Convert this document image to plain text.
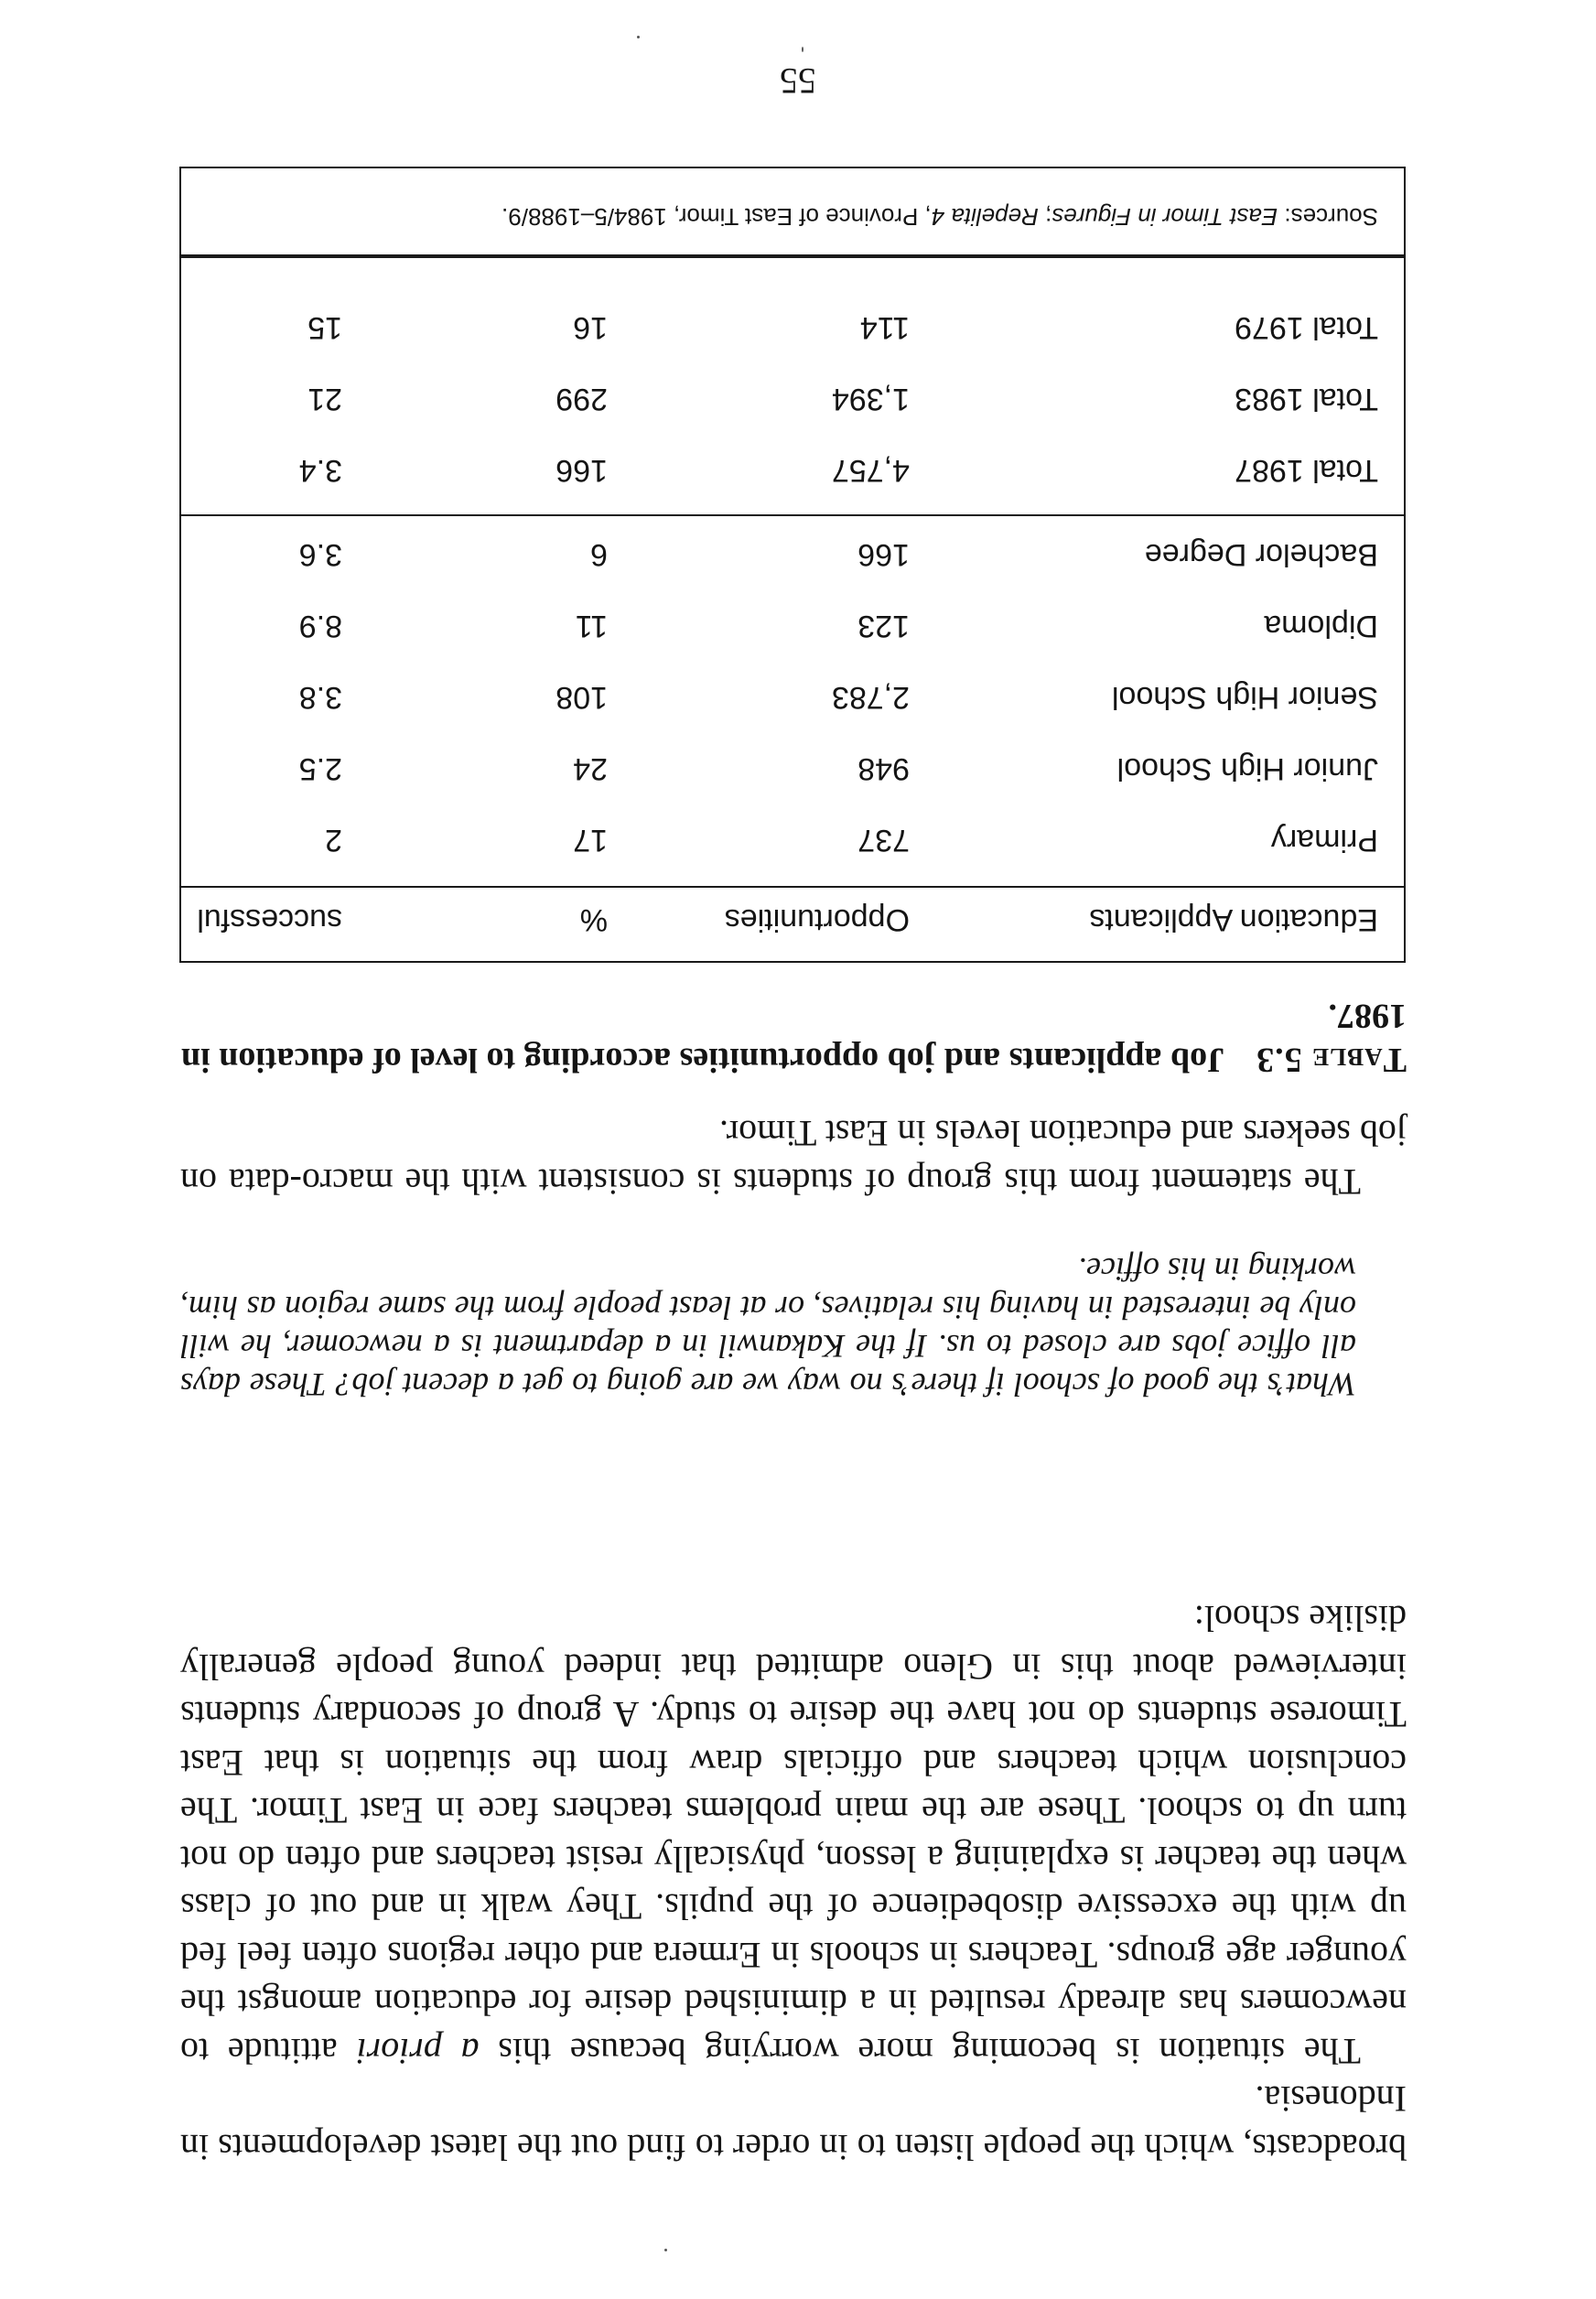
broadcasts, which the people listen to in order to find out the latest developments in Indonesia.

The situation is becoming more worrying because this a priori attitude to newcomers has already resulted in a diminished desire for education amongst the younger age groups. Teachers in schools in Ermera and other regions often feel fed up with the excessive disobedience of the pupils. They walk in and out of class when the teacher is explaining a lesson, physically resist teachers and often do not turn up to school. These are the main problems teachers face in East Timor. The conclusion which teachers and officials draw from the situation is that East Timorese students do not have the desire to study. A group of secondary students interviewed about this in Gleno admitted that indeed young people generally dislike school:

What’s the good of school if there’s no way we are going to get a decent job? These days all office jobs are closed to us. If the Kakanwil in a department is a newcomer, he will only be interested in having his relatives, or at least people from the same region as him, working in his office.

The statement from this group of students is consistent with the macro-data on job seekers and education levels in East Timor.

Table 5.3Job applicants and job opportunities according to level of education in 1987.

Education Applicants
Opportunities
%
successful
Primary
737
17
2
Junior High School
948
24
2.5
Senior High School
2,783
108
3.8
Diploma
123
11
8.9
Bachelor Degree
166
6
3.6
Total 1987
4,757
166
3.4
Total 1983
1,394
299
21
Total 1979
114
16
15
Sources: East Timor in Figures; Repelita 4, Province of East Timor, 1984/5–1988/9.
55
